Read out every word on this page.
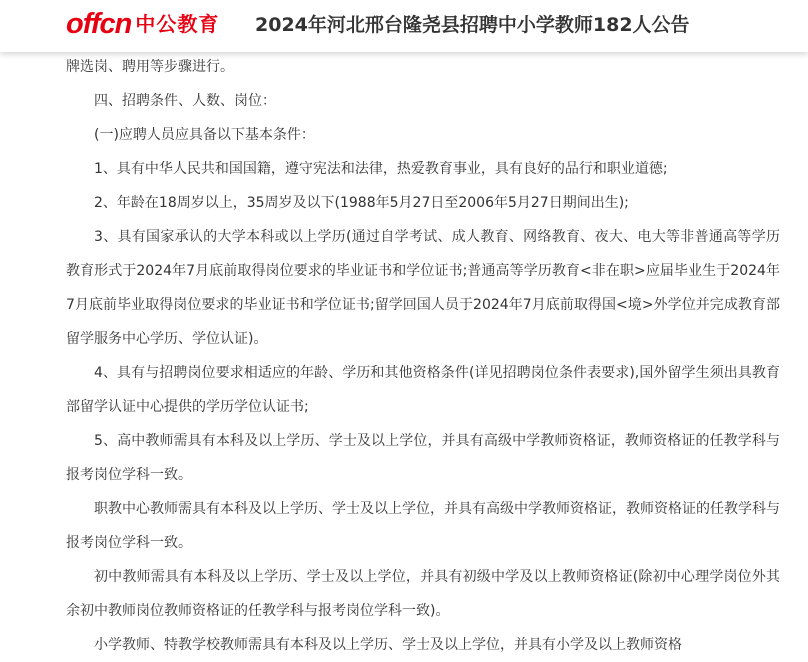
offcn 中公教育 2024年河北邢台隆尧县招聘中小学教师182人公告

牌选岗、聘用等步骤进行。

四、招聘条件、人数、岗位：

(一)应聘人员应具备以下基本条件：

1、具有中华人民共和国国籍，遵守宪法和法律，热爱教育事业，具有良好的品行和职业道德;

2、年龄在18周岁以上，35周岁及以下(1988年5月27日至2006年5月27日期间出生);

3、具有国家承认的大学本科或以上学历(通过自学考试、成人教育、网络教育、夜大、电大等非普通高等学历教育形式于2024年7月底前取得岗位要求的毕业证书和学位证书;普通高等学历教育<非在职>应届毕业生于2024年7月底前毕业取得岗位要求的毕业证书和学位证书;留学回国人员于2024年7月底前取得国<境>外学位并完成教育部留学服务中心学历、学位认证)。

4、具有与招聘岗位要求相适应的年龄、学历和其他资格条件(详见招聘岗位条件表要求),国外留学生须出具教育部留学认证中心提供的学历学位认证书;

5、高中教师需具有本科及以上学历、学士及以上学位，并具有高级中学教师资格证，教师资格证的任教学科与报考岗位学科一致。

职教中心教师需具有本科及以上学历、学士及以上学位，并具有高级中学教师资格证，教师资格证的任教学科与报考岗位学科一致。

初中教师需具有本科及以上学历、学士及以上学位，并具有初级中学及以上教师资格证(除初中心理学岗位外其余初中教师岗位教师资格证的任教学科与报考岗位学科一致)。

小学教师、特教学校教师需具有本科及以上学历、学士及以上学位，并具有小学及以上教师资格
